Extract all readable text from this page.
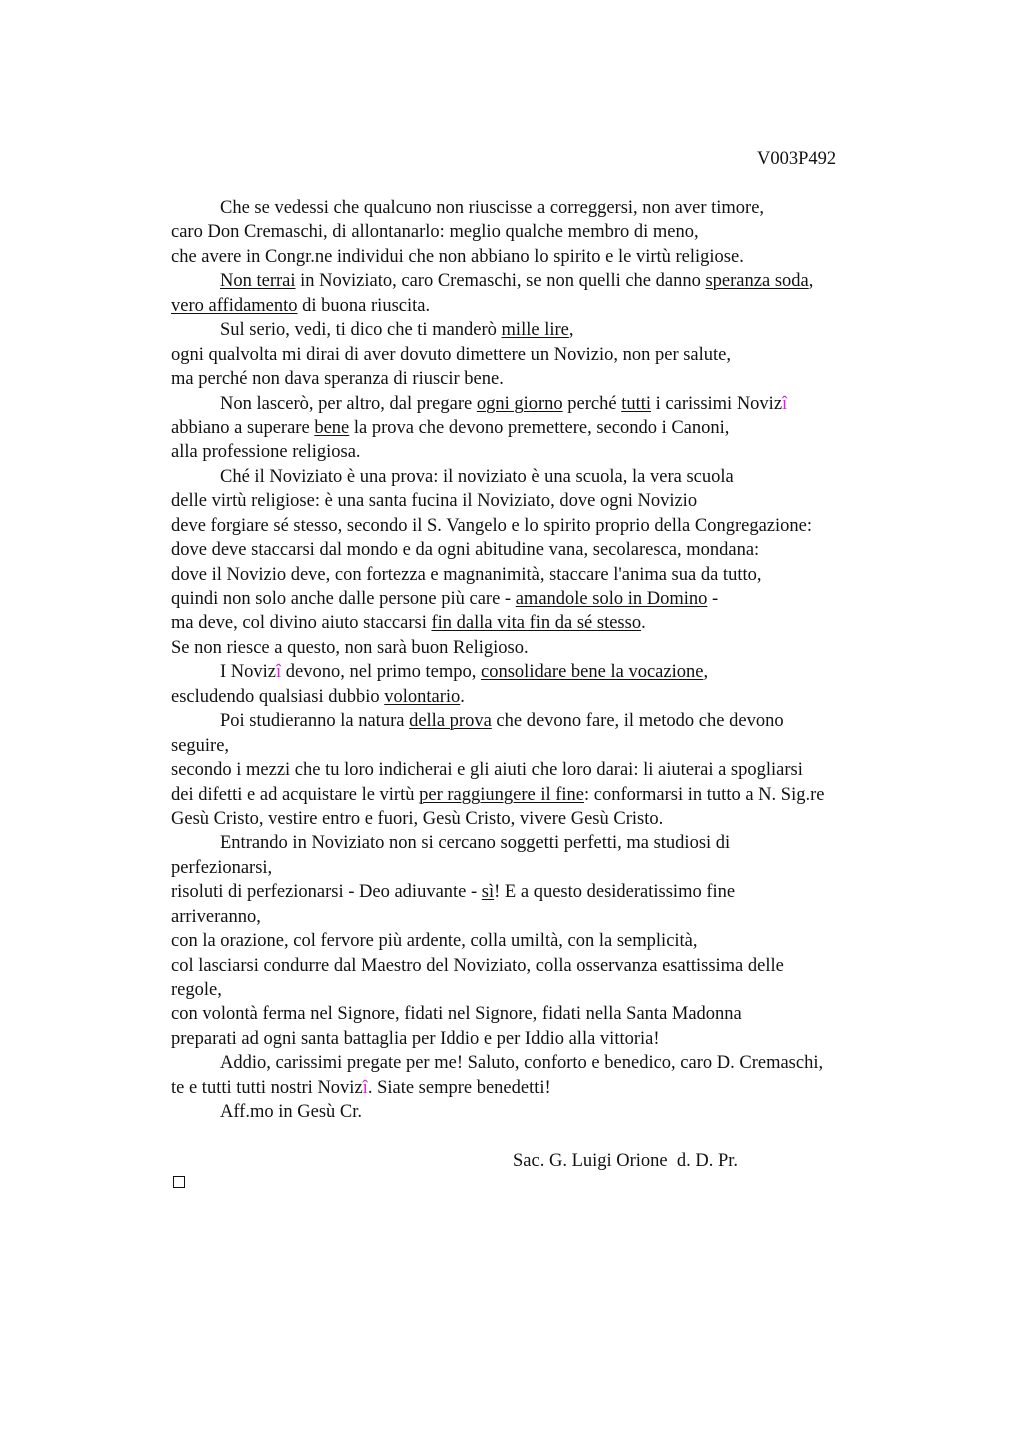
V003P492
Che se vedessi che qualcuno non riuscisse a correggersi, non aver timore,
caro Don Cremaschi, di allontanarlo: meglio qualche membro di meno,
che avere in Congr.ne individui che non abbiano lo spirito e le virtù religiose.
Non terrai in Noviziato, caro Cremaschi, se non quelli che danno speranza soda,
vero affidamento di buona riuscita.
Sul serio, vedi, ti dico che ti manderò mille lire,
ogni qualvolta mi dirai di aver dovuto dimettere un Novizio, non per salute,
ma perché non dava speranza di riuscir bene.
Non lascerò, per altro, dal pregare ogni giorno perché tutti i carissimi Novizî
abbiano a superare bene la prova che devono premettere, secondo i Canoni,
alla professione religiosa.
Ché il Noviziato è una prova: il noviziato è una scuola, la vera scuola
delle virtù religiose: è una santa fucina il Noviziato, dove ogni Novizio
deve forgiare sé stesso, secondo il S. Vangelo e lo spirito proprio della Congregazione:
dove deve staccarsi dal mondo e da ogni abitudine vana, secolaresca, mondana:
dove il Novizio deve, con fortezza e magnanimità, staccare l'anima sua da tutto,
quindi non solo anche dalle persone più care - amandole solo in Domino -
ma deve, col divino aiuto staccarsi fin dalla vita fin da sé stesso.
Se non riesce a questo, non sarà buon Religioso.
I Novizî devono, nel primo tempo, consolidare bene la vocazione,
escludendo qualsiasi dubbio volontario.
Poi studieranno la natura della prova che devono fare, il metodo che devono
seguire,
secondo i mezzi che tu loro indicherai e gli aiuti che loro darai: li aiuterai a spogliarsi
dei difetti e ad acquistare le virtù per raggiungere il fine: conformarsi in tutto a N. Sig.re
Gesù Cristo, vestire entro e fuori, Gesù Cristo, vivere Gesù Cristo.
Entrando in Noviziato non si cercano soggetti perfetti, ma studiosi di
perfezionarsi,
risoluti di perfezionarsi - Deo adiuvante - sì! E a questo desideratissimo fine
arriveranno,
con la orazione, col fervore più ardente, colla umiltà, con la semplicità,
col lasciarsi condurre dal Maestro del Noviziato, colla osservanza esattissima delle
regole,
con volontà ferma nel Signore, fidati nel Signore, fidati nella Santa Madonna
preparati ad ogni santa battaglia per Iddio e per Iddio alla vittoria!
Addio, carissimi pregate per me! Saluto, conforto e benedico, caro D. Cremaschi,
te e tutti tutti nostri Novizî. Siate sempre benedetti!
Aff.mo in Gesù Cr.
Sac. G. Luigi Orione  d. D. Pr.
